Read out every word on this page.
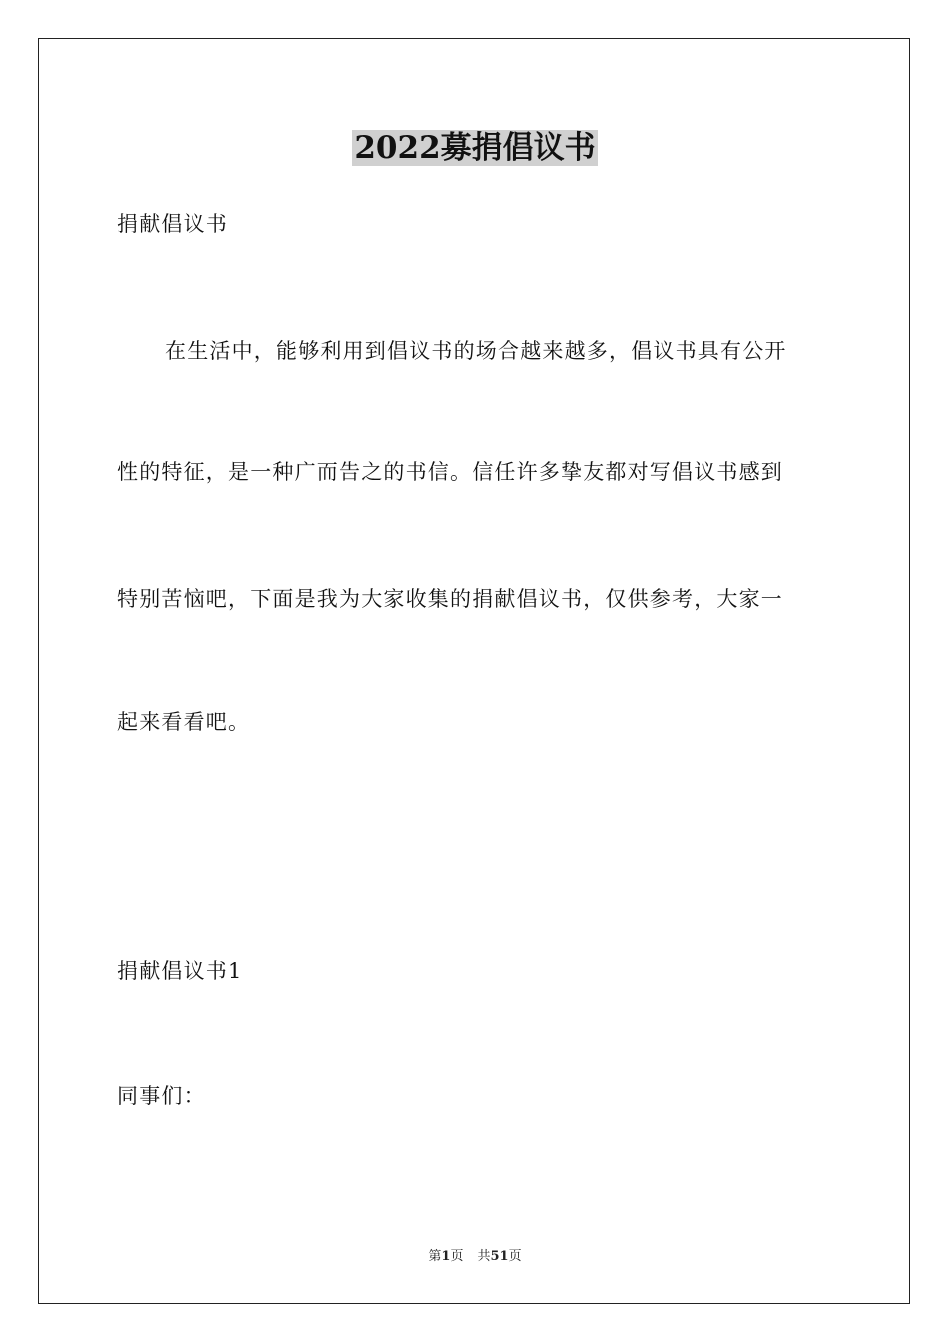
2022募捐倡议书
捐献倡议书
在生活中，能够利用到倡议书的场合越来越多，倡议书具有公开
性的特征，是一种广而告之的书信。信任许多挚友都对写倡议书感到
特别苦恼吧，下面是我为大家收集的捐献倡议书，仅供参考，大家一
起来看看吧。
捐献倡议书1
同事们：
第1页 共51页
